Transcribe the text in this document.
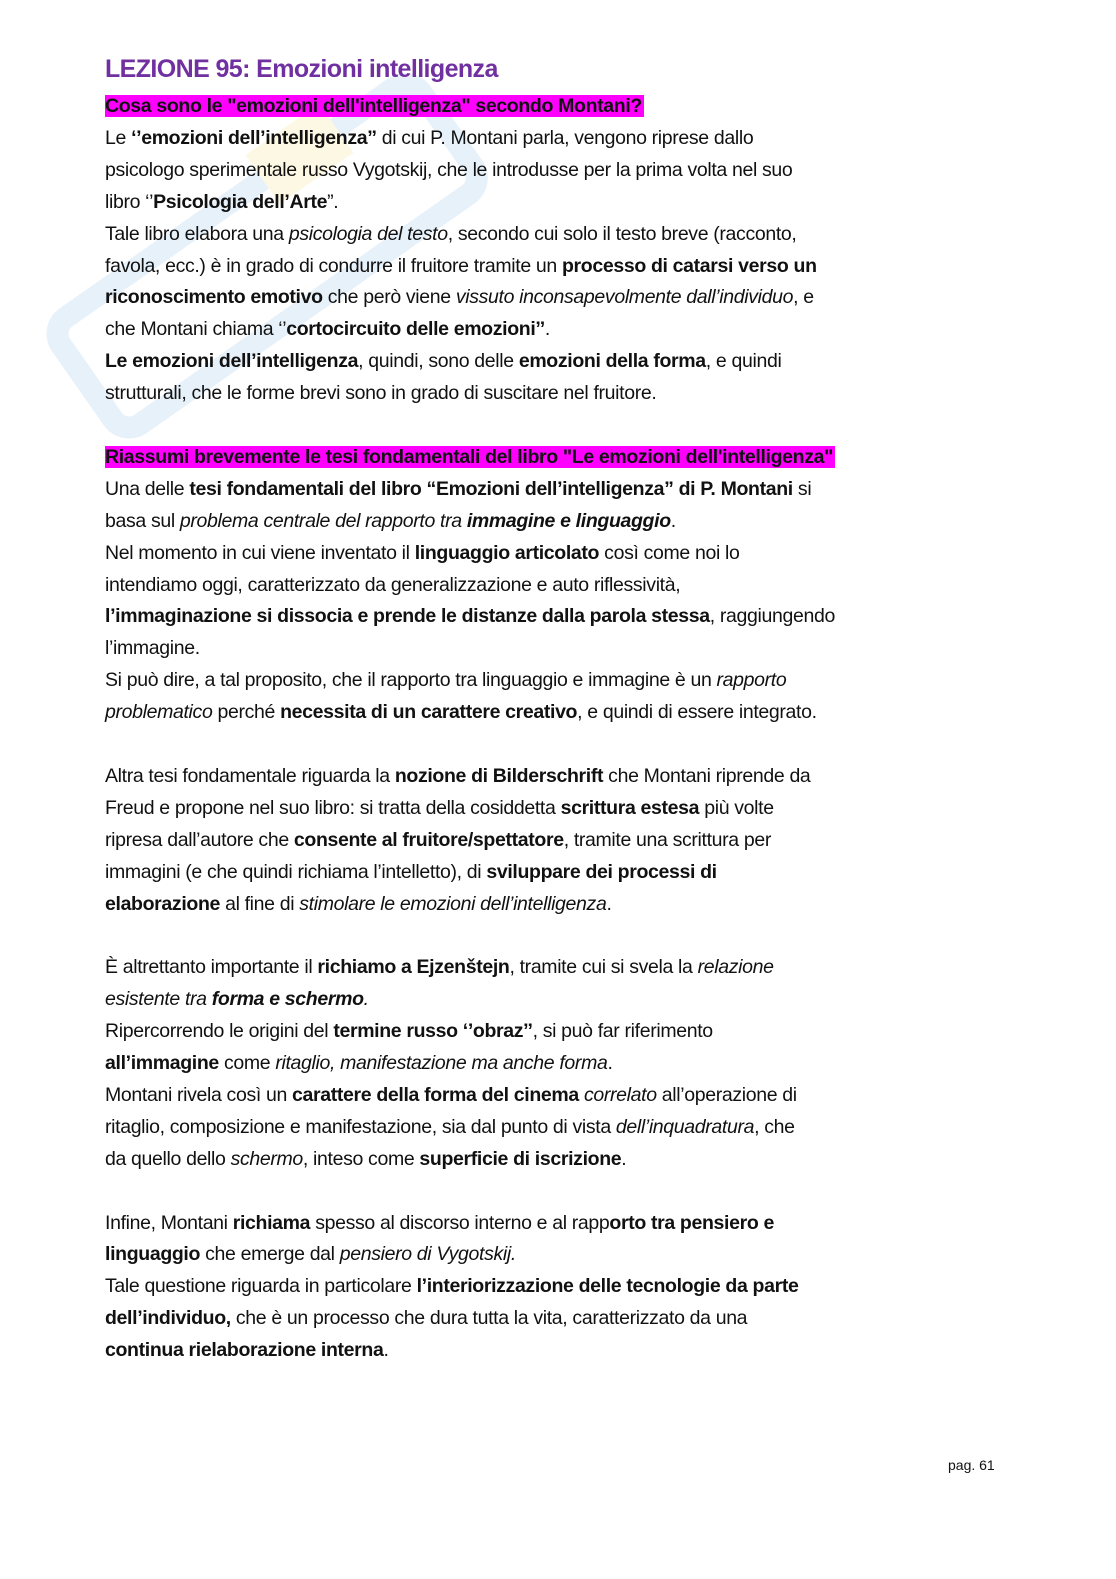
LEZIONE 95: Emozioni intelligenza
Cosa sono le "emozioni dell'intelligenza" secondo Montani?
Le ‘’emozioni dell’intelligenza’’ di cui P. Montani parla, vengono riprese dallo
psicologo sperimentale russo Vygotskij, che le introdusse per la prima volta nel suo
libro ‘’Psicologia dell’Arte”.
Tale libro elabora una psicologia del testo, secondo cui solo il testo breve (racconto,
favola, ecc.) è in grado di condurre il fruitore tramite un processo di catarsi verso un
riconoscimento emotivo che però viene vissuto inconsapevolmente dall’individuo, e
che Montani chiama ‘’cortocircuito delle emozioni’’.
Le emozioni dell’intelligenza, quindi, sono delle emozioni della forma, e quindi
strutturali, che le forme brevi sono in grado di suscitare nel fruitore.
Riassumi brevemente le tesi fondamentali del libro "Le emozioni dell'intelligenza"
Una delle tesi fondamentali del libro “Emozioni dell’intelligenza” di P. Montani si
basa sul problema centrale del rapporto tra immagine e linguaggio.
Nel momento in cui viene inventato il linguaggio articolato così come noi lo
intendiamo oggi, caratterizzato da generalizzazione e auto riflessività,
l’immaginazione si dissocia e prende le distanze dalla parola stessa, raggiungendo
l’immagine.
Si può dire, a tal proposito, che il rapporto tra linguaggio e immagine è un rapporto
problematico perché necessita di un carattere creativo, e quindi di essere integrato.
Altra tesi fondamentale riguarda la nozione di Bilderschrift che Montani riprende da
Freud e propone nel suo libro: si tratta della cosiddetta scrittura estesa più volte
ripresa dall’autore che consente al fruitore/spettatore, tramite una scrittura per
immagini (e che quindi richiama l’intelletto), di sviluppare dei processi di
elaborazione al fine di stimolare le emozioni dell’intelligenza.
È altrettanto importante il richiamo a Ejzenštejn, tramite cui si svela la relazione
esistente tra forma e schermo.
Ripercorrendo le origini del termine russo ‘’obraz’’, si può far riferimento
all’immagine come ritaglio, manifestazione ma anche forma.
Montani rivela così un carattere della forma del cinema correlato all’operazione di
ritaglio, composizione e manifestazione, sia dal punto di vista dell’inquadratura, che
da quello dello schermo, inteso come superficie di iscrizione.
Infine, Montani richiama spesso al discorso interno e al rapporto tra pensiero e
linguaggio che emerge dal pensiero di Vygotskij.
Tale questione riguarda in particolare l’interiorizzazione delle tecnologie da parte
dell’individuo, che è un processo che dura tutta la vita, caratterizzato da una
continua rielaborazione interna.
pag. 61
